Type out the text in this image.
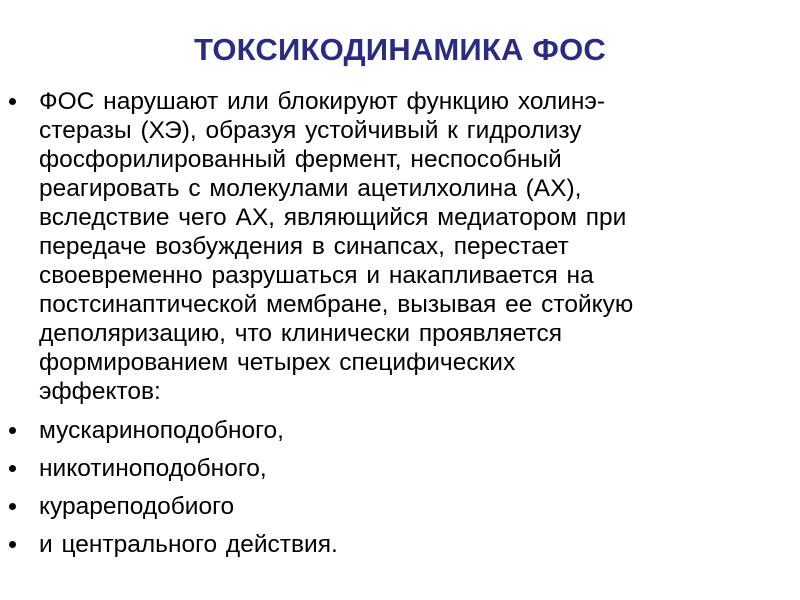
ТОКСИКОДИНАМИКА ФОС
ФОС нарушают или блокируют функцию холинэ-
стеразы (ХЭ), образуя устойчивый к гидролизу
фосфорилированный фермент, неспособный
реагировать с молекулами ацетилхолина (АХ),
вследствие чего АХ, являющийся медиатором при
передаче возбуждения в синапсах, перестает
своевременно разрушаться и накапливается на
постсинаптической мембране, вызывая ее стойкую
деполяризацию, что клинически проявляется
формированием четырех специфических
эффектов:
мускариноподобного,
никотиноподобного,
курареподобиого
и центрального действия.
